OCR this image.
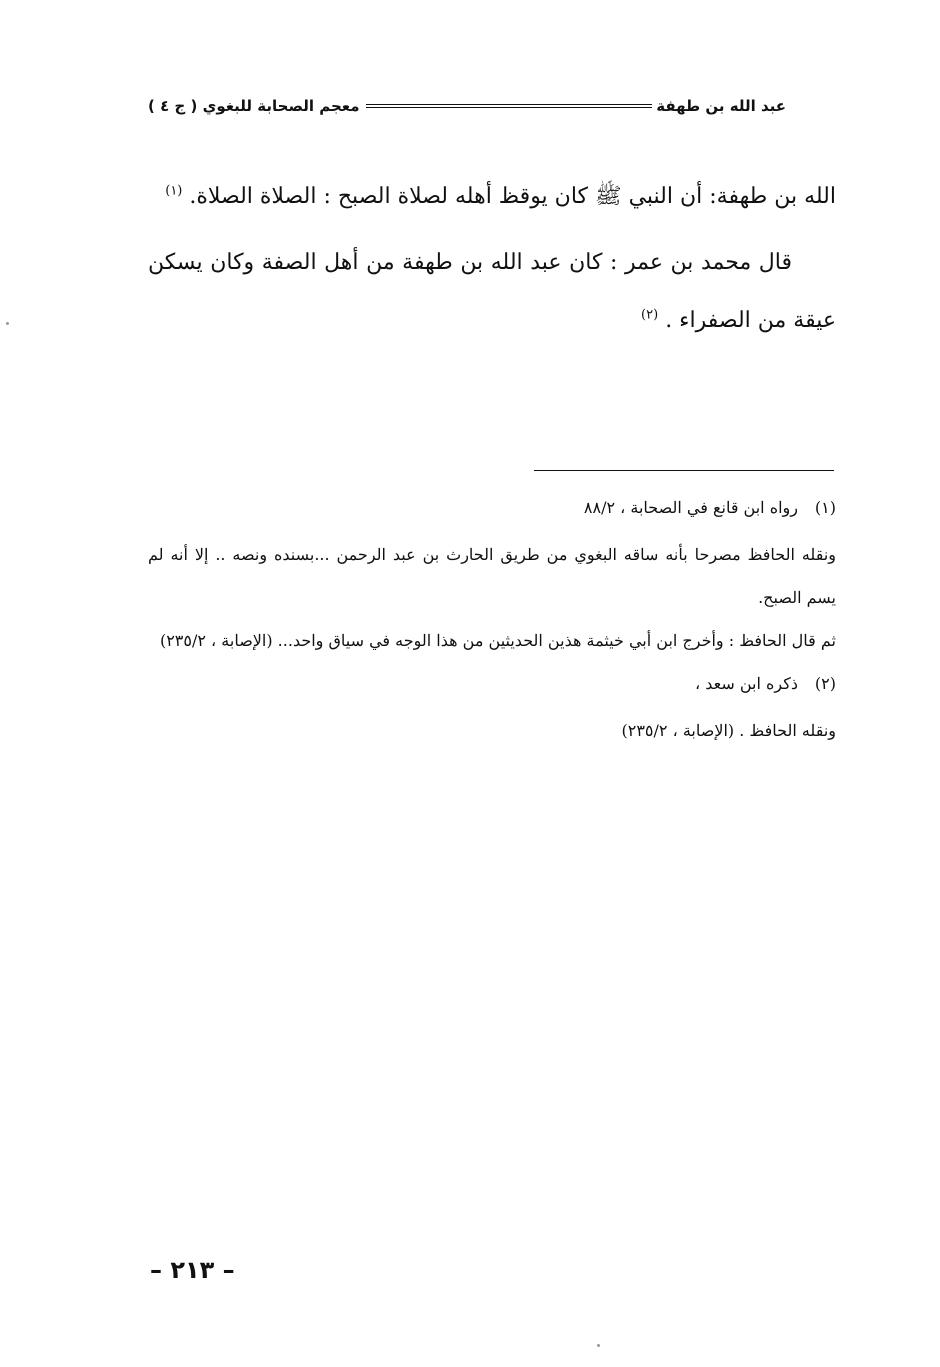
عبد الله بن طهفة
معجم الصحابة للبغوي ( ج ٤ )

الله بن طهفة: أن النبي ﷺ كان يوقظ أهله لصلاة الصبح : الصلاة الصلاة. $^{(١)}$

قال محمد بن عمر : كان عبد الله بن طهفة من أهل الصفة وكان يسكن عيقة من الصفراء . $^{(٢)}$

(١)رواه ابن قانع في الصحابة ، ٨٨/٢

ونقله الحافظ مصرحا بأنه ساقه البغوي من طريق الحارث بن عبد الرحمن ...بسنده ونصه .. إلا أنه لم يسم الصبح.

ثم قال الحافظ : وأخرج ابن أبي خيثمة هذين الحديثين من هذا الوجه في سياق واحد... (الإصابة ، ٢٣٥/٢)

(٢)ذكره ابن سعد ،

ونقله الحافظ . (الإصابة ، ٢٣٥/٢)

– ٢١٣ –
